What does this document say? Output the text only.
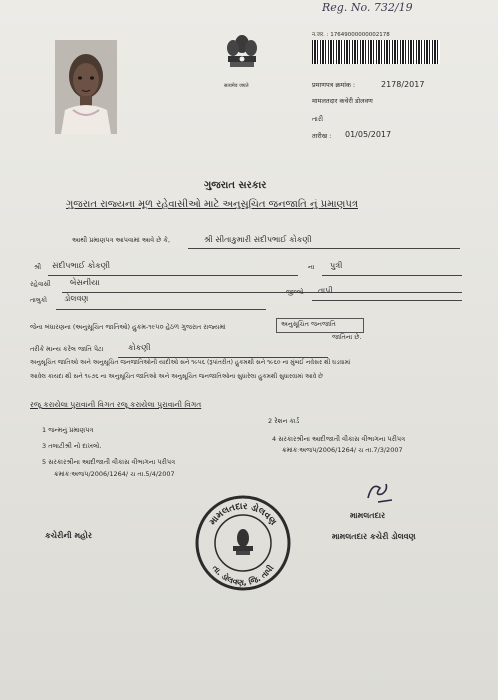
Reg. No. 732/19
सत्यमेव जयते
न.जर. : 17649000000002178
प्रमाणपत्र क्रमांक :	2178/2017
मामलतदार कचेरी डोलवण
તારી
तारीख : 01/05/2017
ગુજરાત સરકાર
ગુજરાત રાજ્યના મૂળ રહેવાસીઓ માટે અનુસૂચિત જનજાતિ નું પ્રમાણપત્ર
આથી પ્રમાણપત્ર આપવામાં આવે છે કે,	શ્રી સીતાકુમારી સંદીપભાઈ કોકણી
શ્રી સંદીપભાઈ કોકણી	ના પુત્રી
રહેવાસી બેસનીયા
તાલુકો ડોલવણ
જીલ્લો તાપી
જેના બંધારણના (અનુસૂચિત જાતિઓ) હુકમ-૧૯૫૦ હેઠળ ગુજરાત રાજ્યમાં	અનુસૂચિત જનજાતિ
તરીકે માન્ય કરેલ જાતિ પેટા	કોકણી
જાતિના છે.
અનુસૂચિત જાતિઓ અને અનુસૂચિત જનજાતિઓની યાદીઓ સને ૧૯૫૬ (રૂપાંતરીત) હુકમથી સને ૧૯૬૦ ના મુંબઈ નવેસર થી ઘડવામાં
આવેલ કાયદા થી સને ૧૯૭૬ ના અનુસૂચિત જાતિઓ અને અનુસૂચિત જનજાતિઓના સુધારેલા હુકમથી સુધારવામાં આવે છે
રજૂ કરાયેલા પુરાવાની વિગત રજૂ કરાયેલા પુરાવાની વિગત
1 જન્મનું પ્રમાણપત્ર
2 રેશન કાર્ડ
3 તલાટીશ્રી નો દાખલો.
4 સરકારશ્રીના આદીજાતી વીકાસ વીભાગના પરીપત્ર
ક્રમાંકઃઅજપ/2006/1264/ ચ તા.7/3/2007
5 સરકારશ્રીના આદીજાતી વીકાસ વીભાગના પરીપત્ર
ક્રમાંકઃઅજપ/2006/1264/ ચ તા.5/4/2007
મામલતદાર
મામલતદાર કચેરી ડોલવણ
કચેરીની મહોર
મામલતદાર ડોલવણ
તા. ડોલવણ, જિ. તાપી
